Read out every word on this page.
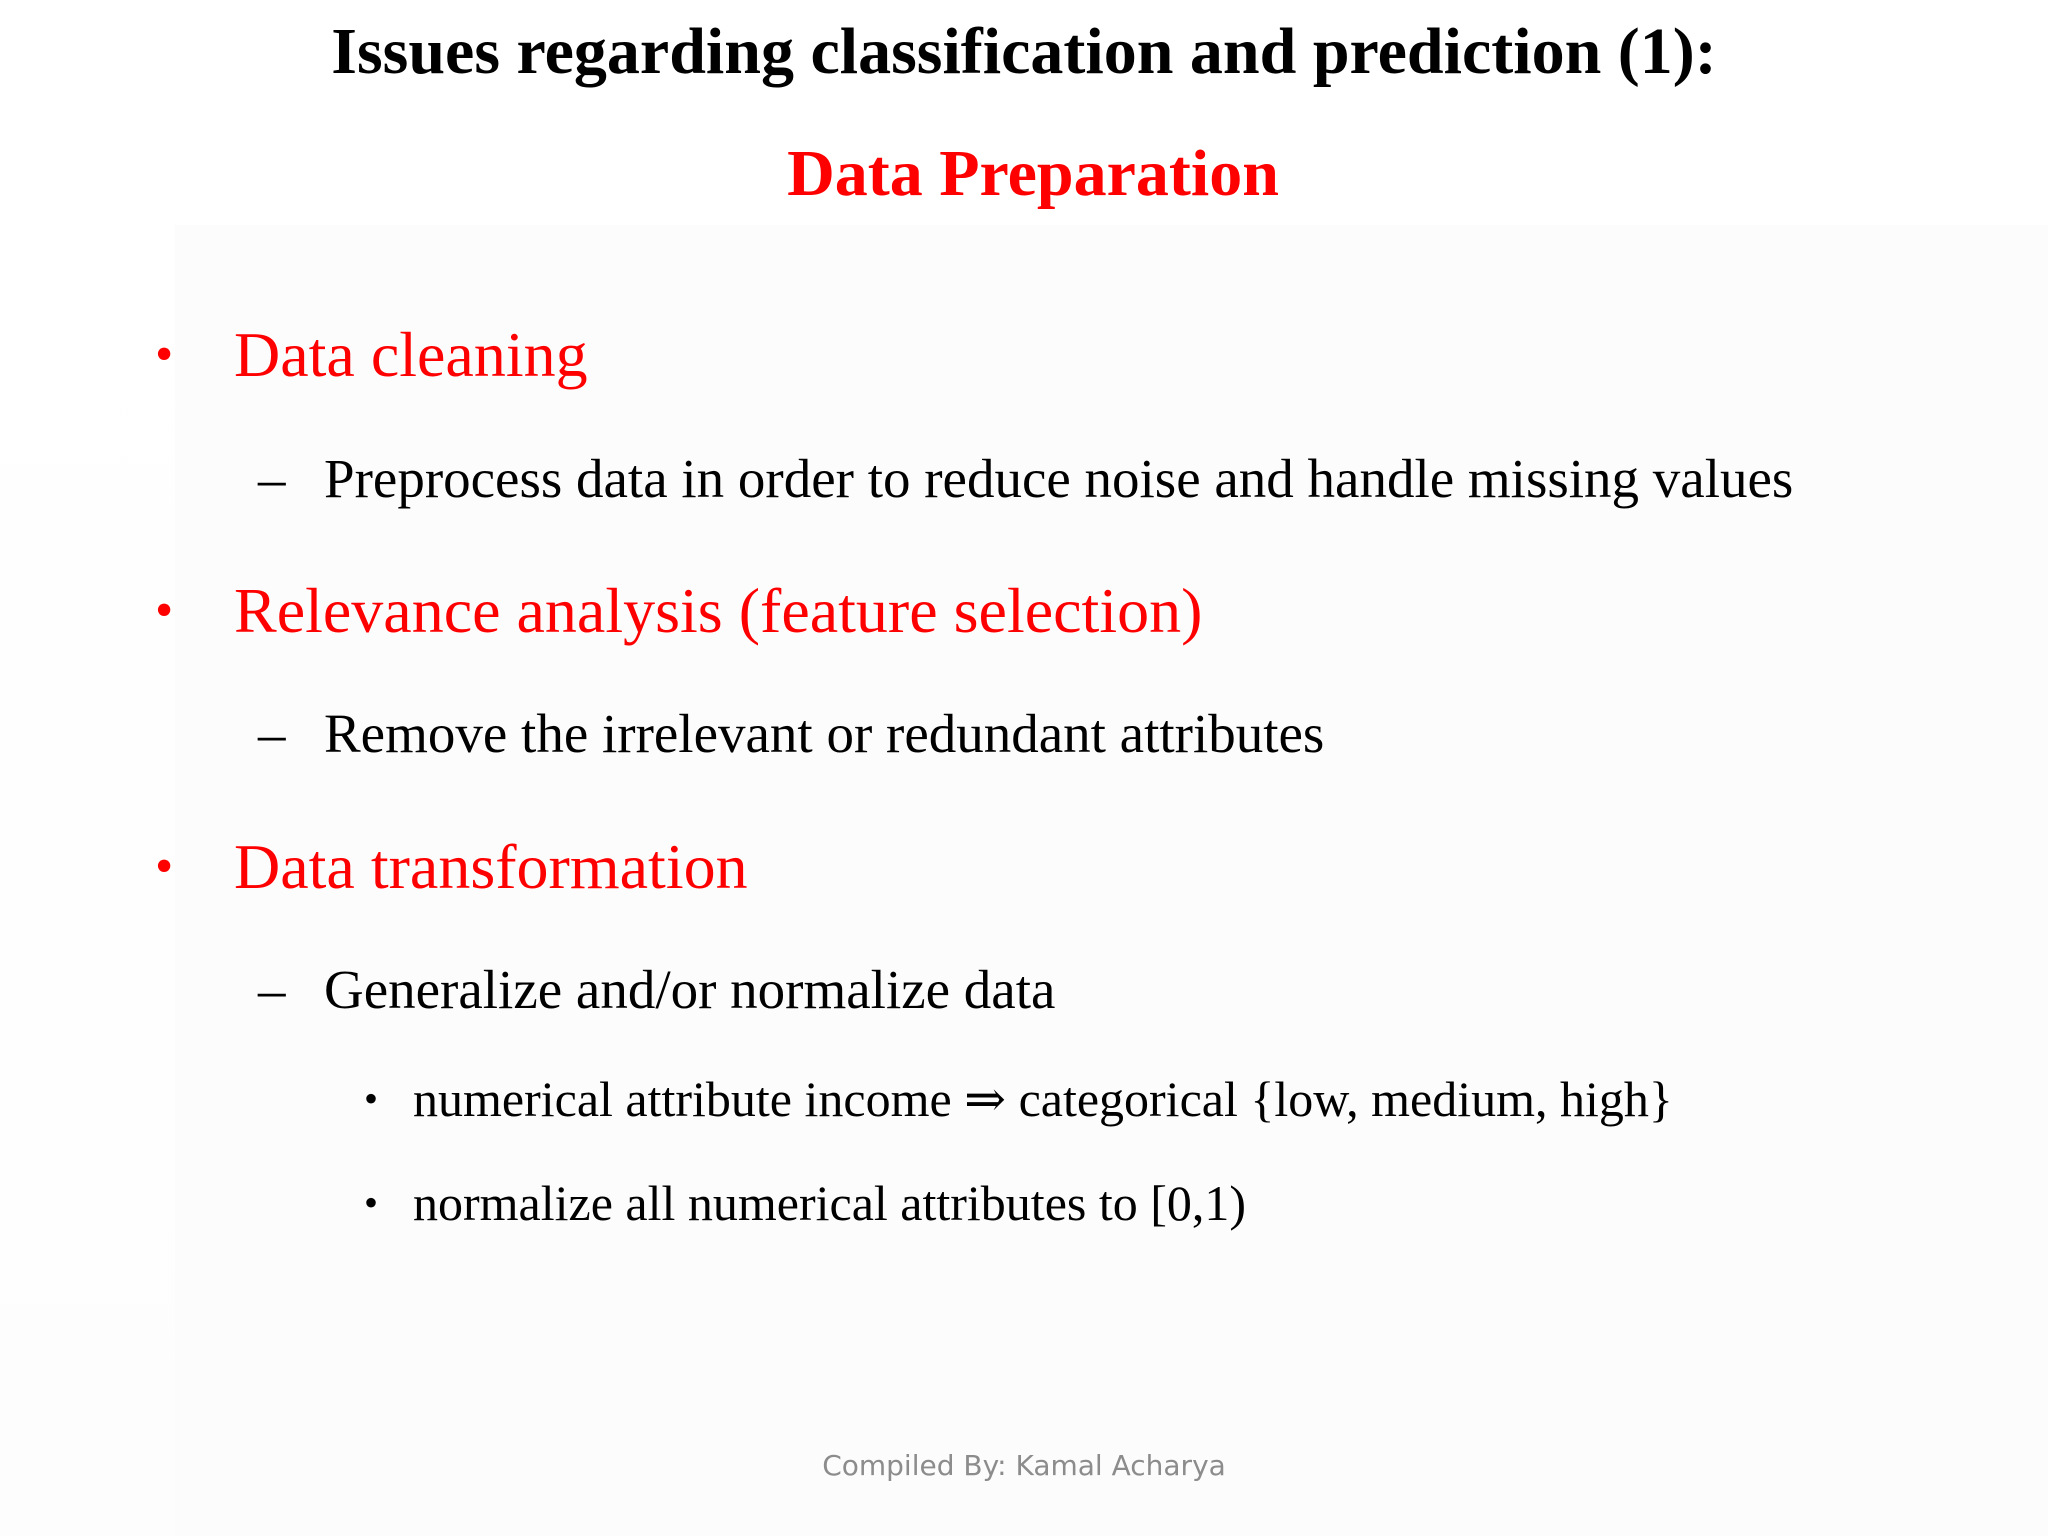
Issues regarding classification and prediction (1):
Data Preparation
• Data cleaning
– Preprocess data in order to reduce noise and handle missing values
• Relevance analysis (feature selection)
– Remove the irrelevant or redundant attributes
• Data transformation
– Generalize and/or normalize data
• numerical attribute income ⇒ categorical {low, medium, high}
• normalize all numerical attributes to [0,1)
Compiled By: Kamal Acharya
